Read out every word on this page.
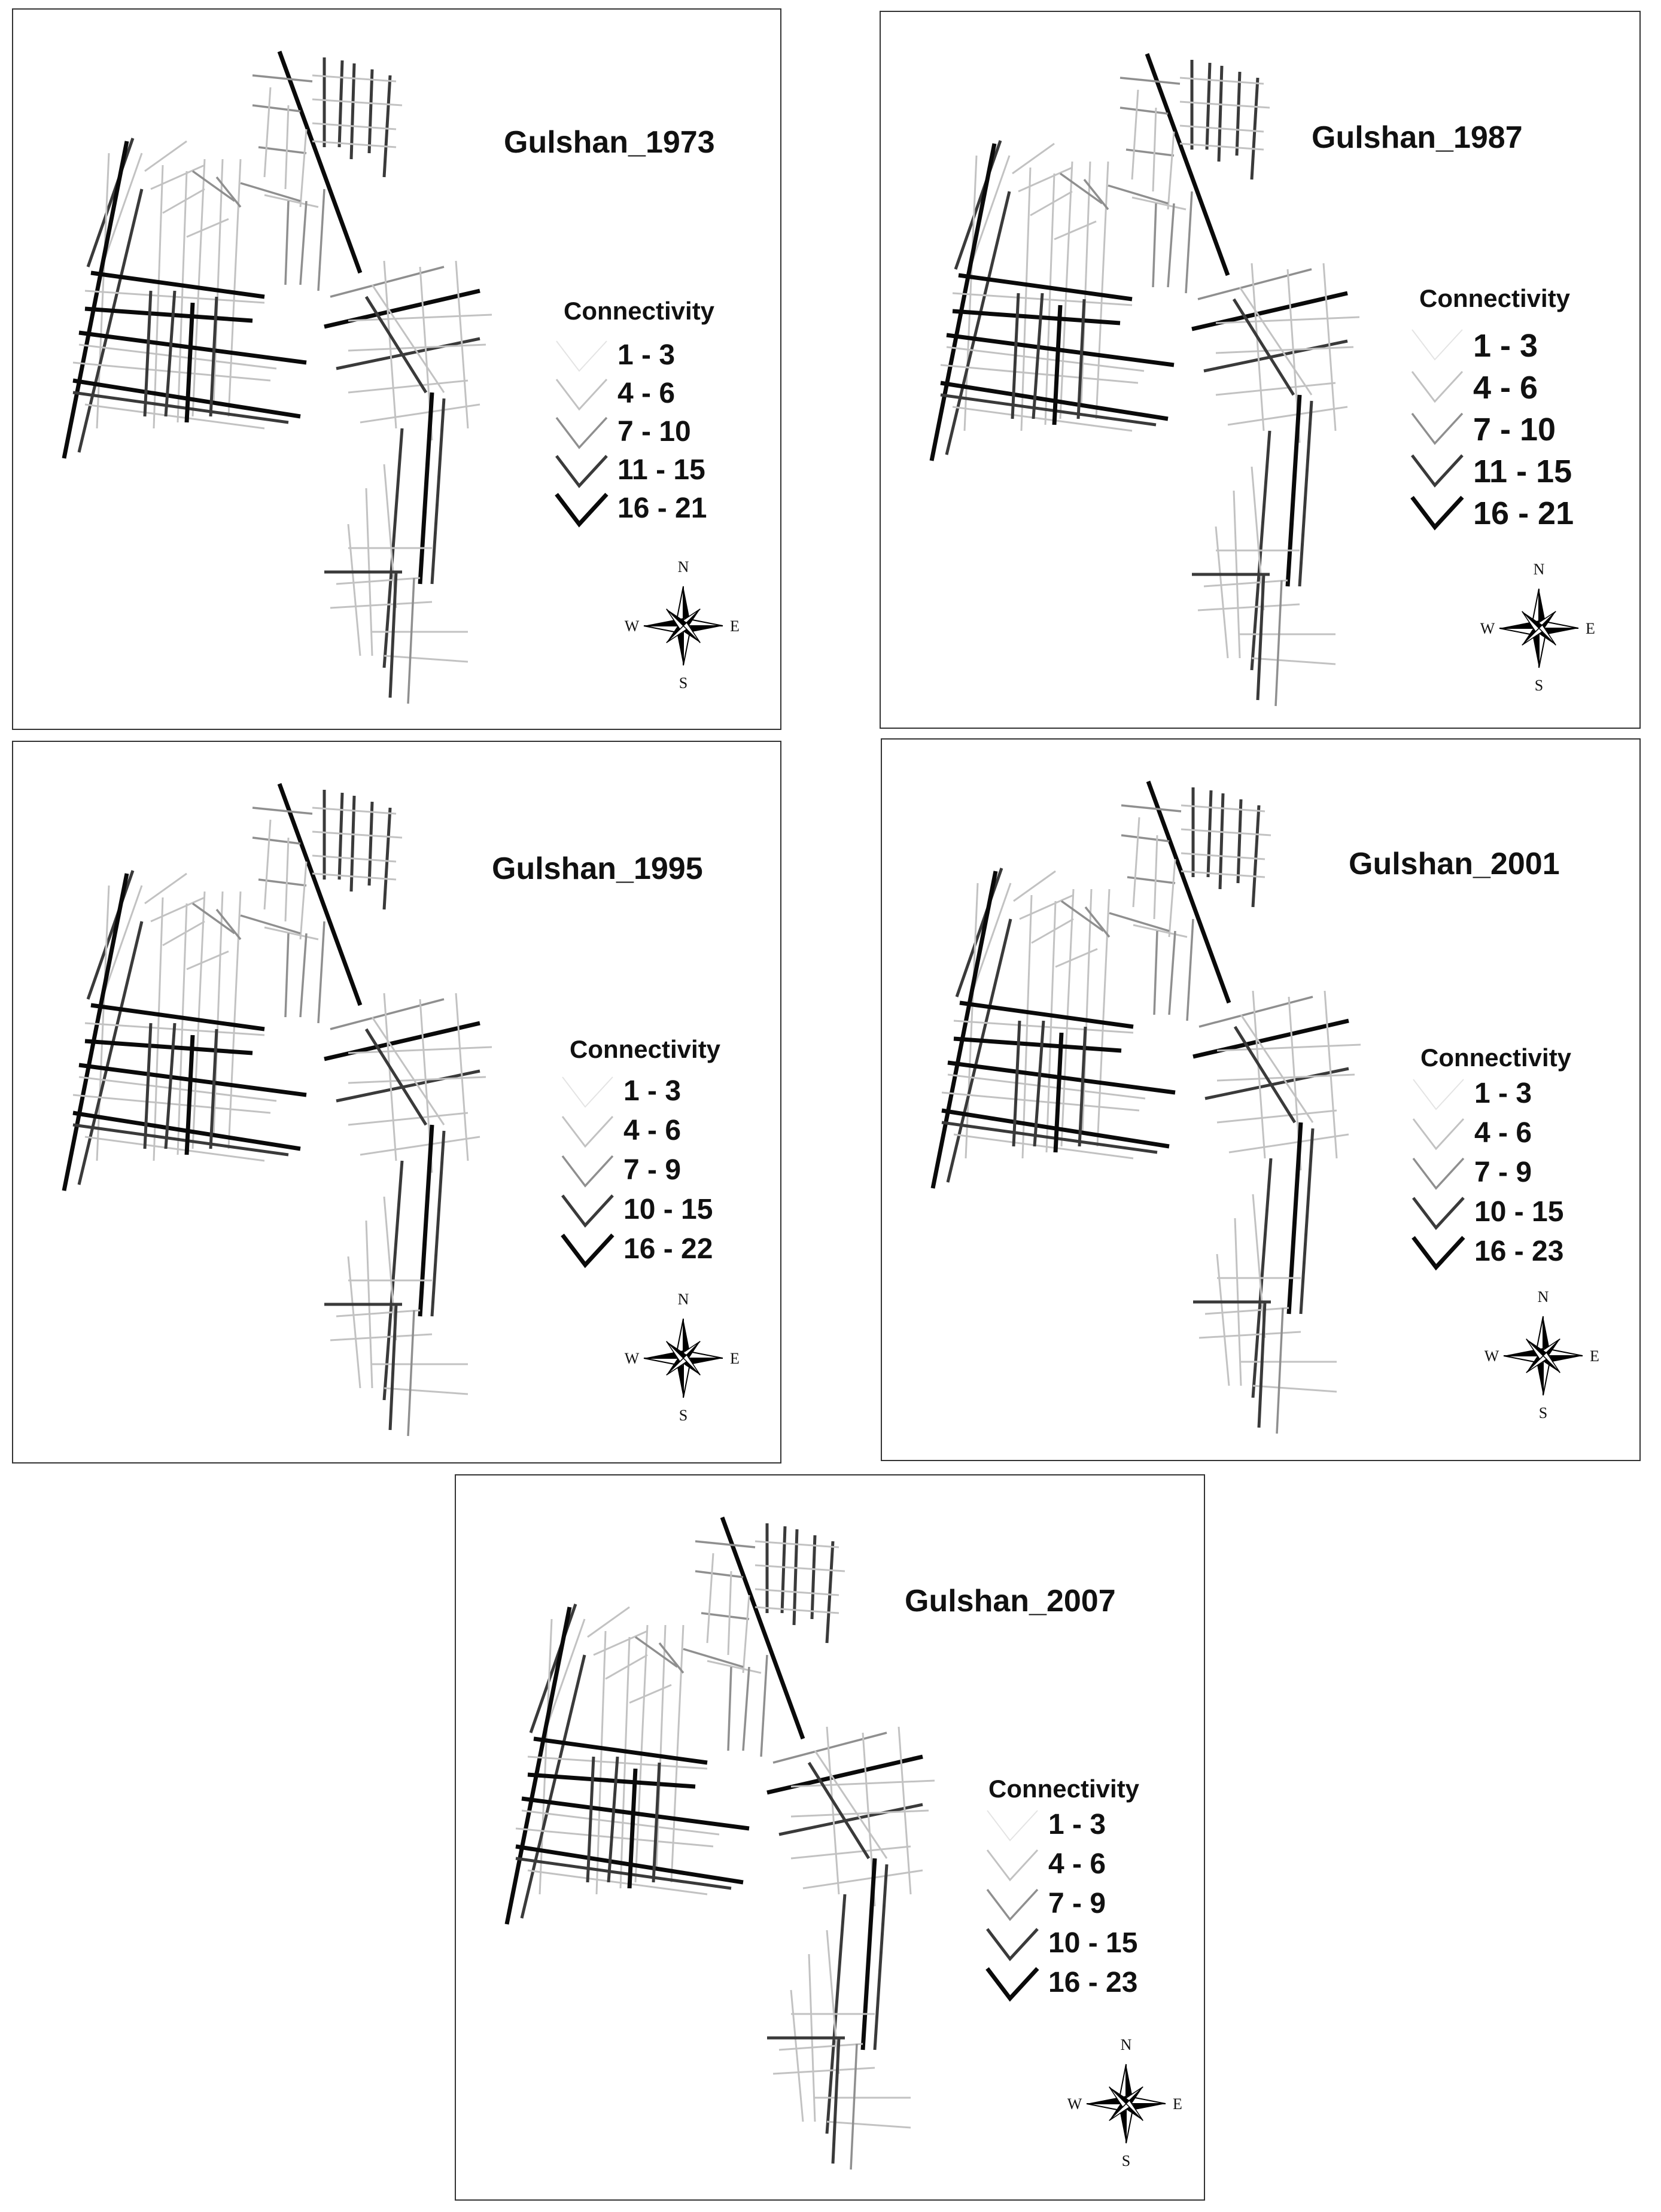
Gulshan_1973
Connectivity
1 - 3
4 - 6
7 - 10
11 - 15
16 - 21
N
S
E
W
Gulshan_1987
Connectivity
1 - 3
4 - 6
7 - 10
11 - 15
16 - 21
N
S
E
W
Gulshan_1995
Connectivity
1 - 3
4 - 6
7 - 9
10 - 15
16 - 22
N
S
E
W
Gulshan_2001
Connectivity
1 - 3
4 - 6
7 - 9
10 - 15
16 - 23
N
S
E
W
Gulshan_2007
Connectivity
1 - 3
4 - 6
7 - 9
10 - 15
16 - 23
N
S
E
W
